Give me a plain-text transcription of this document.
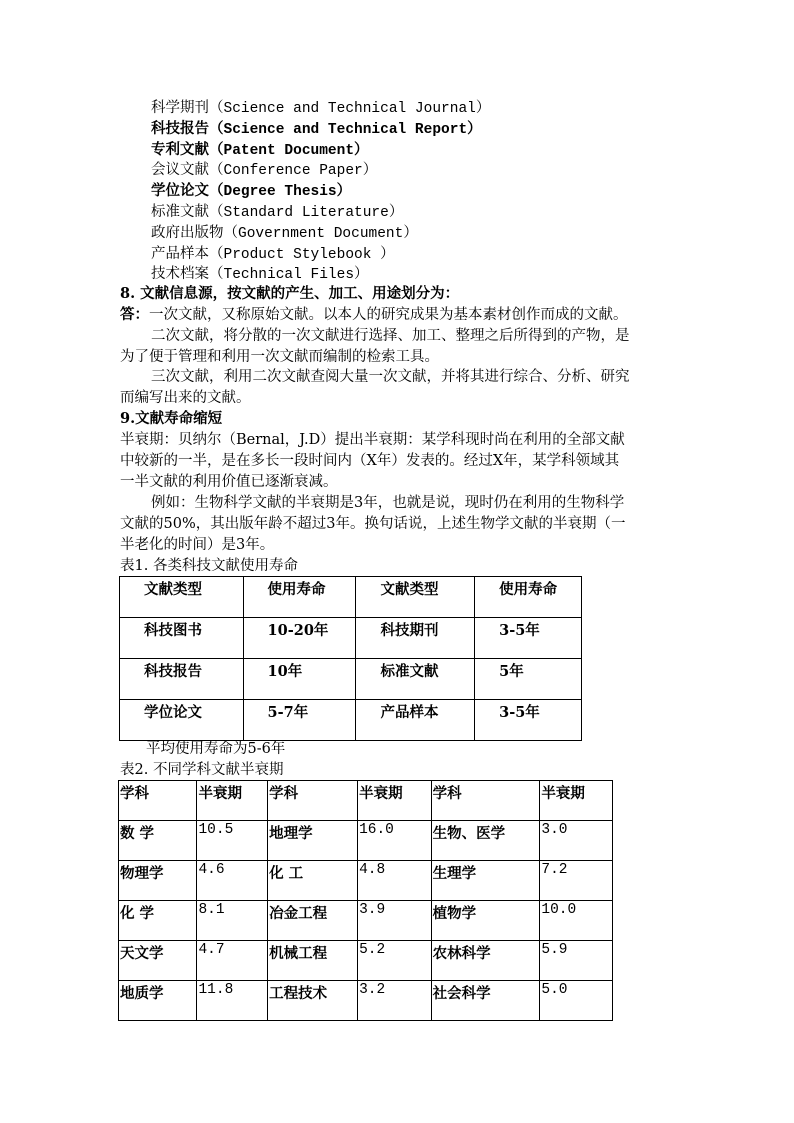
科学期刊（Science and Technical Journal）
科技报告（Science and Technical Report）
专利文献（Patent Document）
会议文献（Conference Paper）
学位论文（Degree Thesis）
标准文献（Standard Literature）
政府出版物（Government Document）
产品样本（Product Stylebook ）
技术档案（Technical Files）
8. 文献信息源，按文献的产生、加工、用途划分为：
答：一次文献，又称原始文献。以本人的研究成果为基本素材创作而成的文献。
二次文献，将分散的一次文献进行选择、加工、整理之后所得到的产物，是
为了便于管理和利用一次文献而编制的检索工具。
三次文献，利用二次文献查阅大量一次文献，并将其进行综合、分析、研究
而编写出来的文献。
9.文献寿命缩短
半衰期：贝纳尔（Bernal，J.D）提出半衰期：某学科现时尚在利用的全部文献
中较新的一半，是在多长一段时间内（X年）发表的。经过X年，某学科领域其
一半文献的利用价值已逐渐衰减。
例如：生物科学文献的半衰期是3年，也就是说，现时仍在利用的生物科学
文献的50%，其出版年龄不超过3年。换句话说，上述生物学文献的半衰期（一
半老化的时间）是3年。
表1. 各类科技文献使用寿命
文献类型	使用寿命	文献类型	使用寿命
科技图书	10-20年	科技期刊	3-5年
科技报告	10年	标准文献	5年
学位论文	5-7年	产品样本	3-5年
平均使用寿命为5-6年
表2. 不同学科文献半衰期
学科	半衰期	学科	半衰期	学科	半衰期
数 学	10.5	地理学	16.0	生物、医学	3.0
物理学	4.6	化 工	4.8	生理学	7.2
化 学	8.1	冶金工程	3.9	植物学	10.0
天文学	4.7	机械工程	5.2	农林科学	5.9
地质学	11.8	工程技术	3.2	社会科学	5.0
